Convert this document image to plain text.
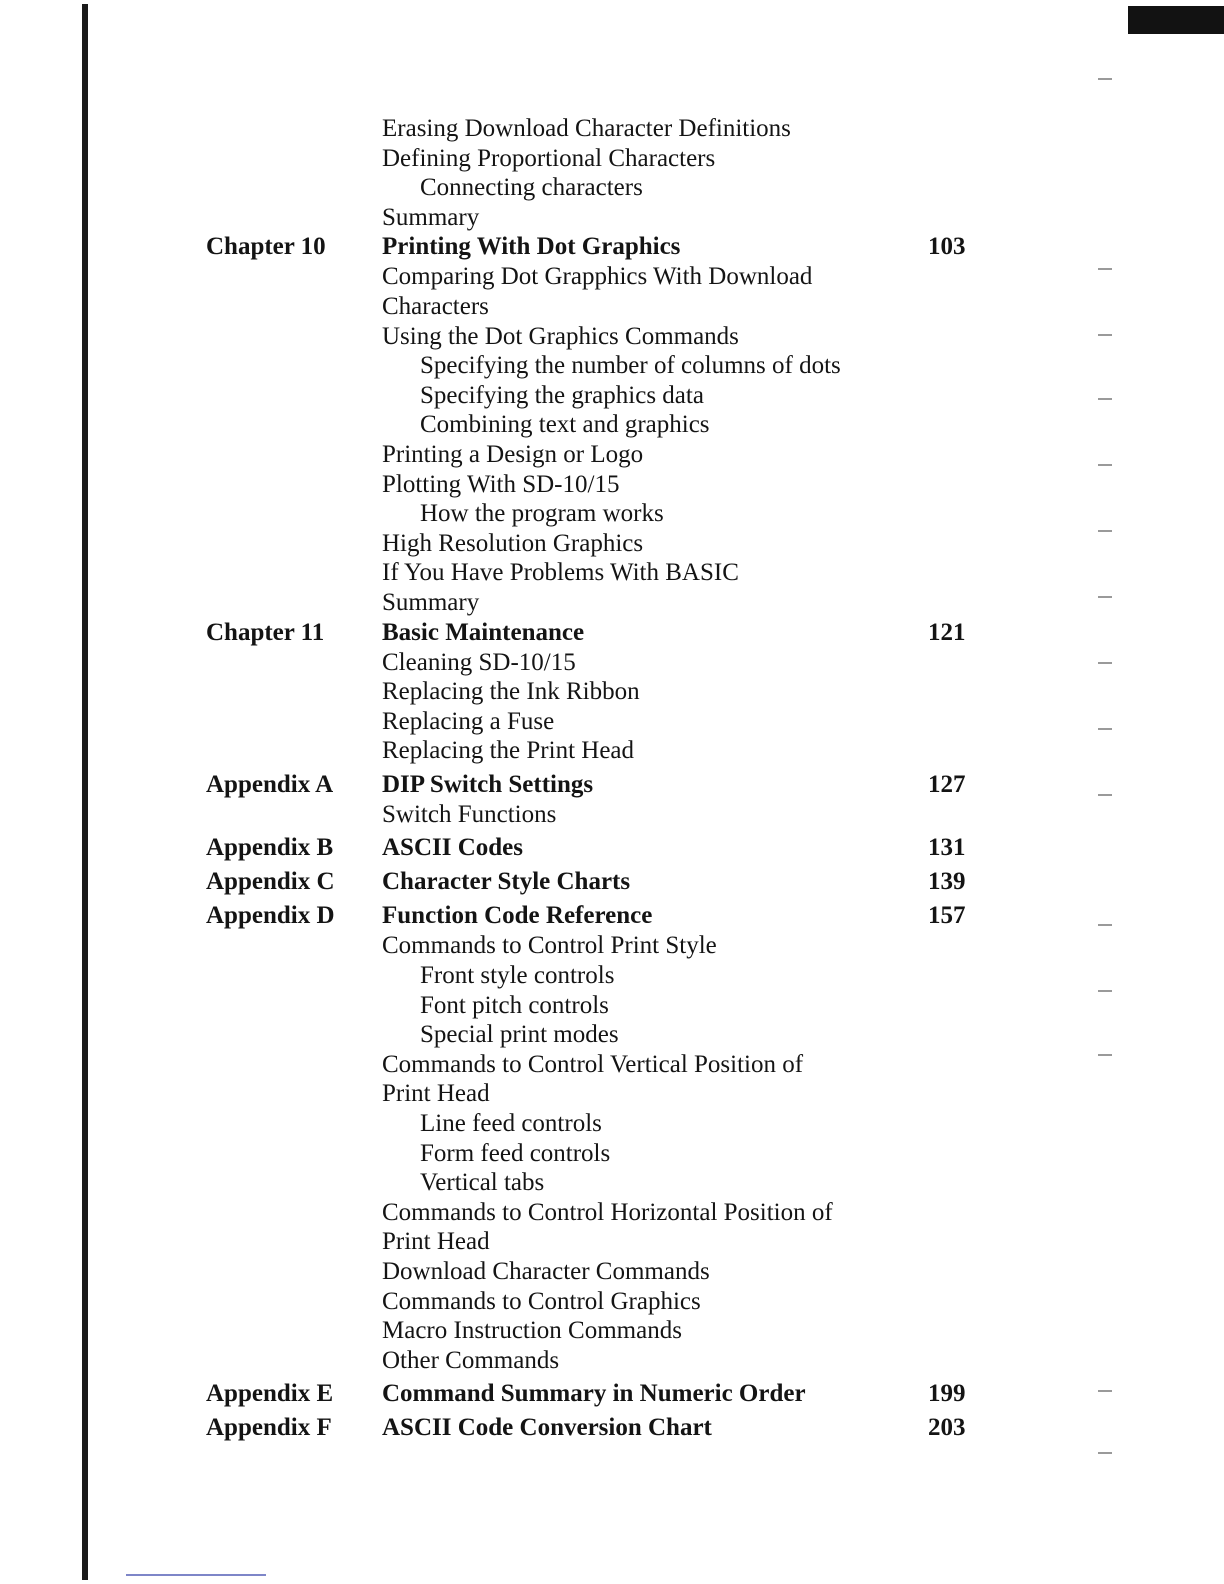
Erasing Download Character Definitions
Defining Proportional Characters
Connecting characters
Summary
Chapter 10 Printing With Dot Graphics	103
Comparing Dot Grapphics With Download
Characters
Using the Dot Graphics Commands
Specifying the number of columns of dots
Specifying the graphics data
Combining text and graphics
Printing a Design or Logo
Plotting With SD-10/15
How the program works
High Resolution Graphics
If You Have Problems With BASIC
Summary
Chapter 11 Basic Maintenance	121
Cleaning SD-10/15
Replacing the Ink Ribbon
Replacing a Fuse
Replacing the Print Head
Appendix A DIP Switch Settings	127
Switch Functions
Appendix B ASCII Codes	131
Appendix C Character Style Charts	139
Appendix D Function Code Reference	157
Commands to Control Print Style
Front style controls
Font pitch controls
Special print modes
Commands to Control Vertical Position of
Print Head
Line feed controls
Form feed controls
Vertical tabs
Commands to Control Horizontal Position of
Print Head
Download Character Commands
Commands to Control Graphics
Macro Instruction Commands
Other Commands
Appendix E Command Summary in Numeric Order	199
Appendix F ASCII Code Conversion Chart	203
